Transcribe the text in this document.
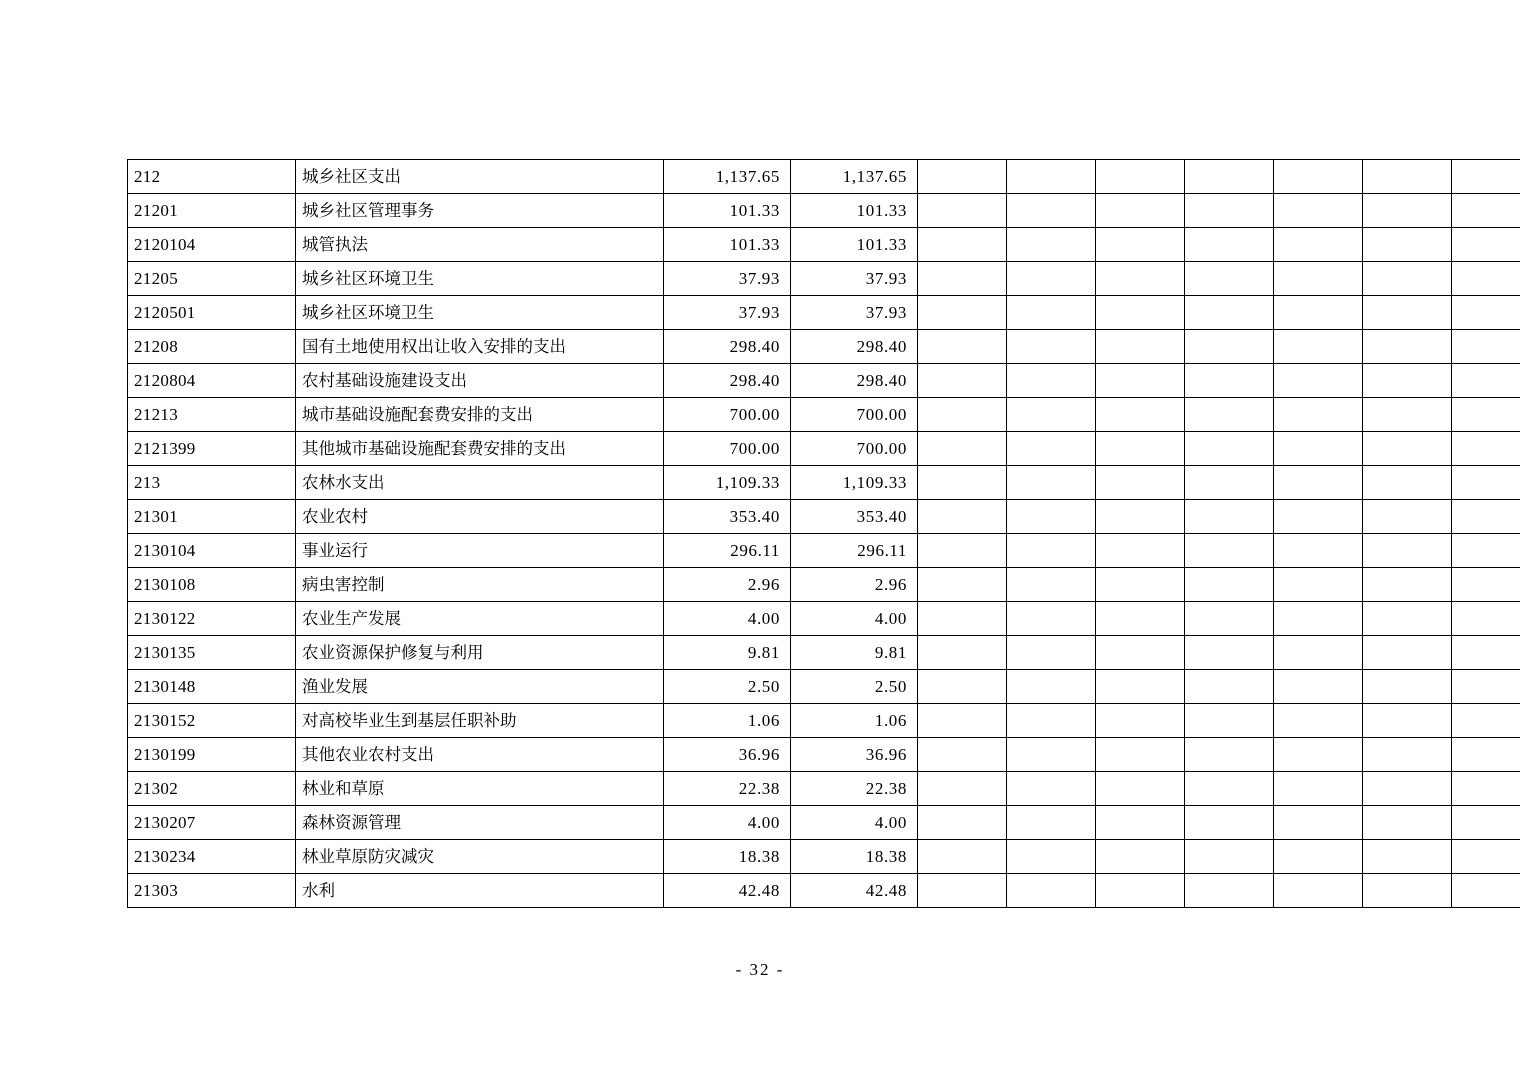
212	城乡社区支出	1,137.65	1,137.65								
21201	城乡社区管理事务	101.33	101.33								
2120104	城管执法	101.33	101.33								
21205	城乡社区环境卫生	37.93	37.93								
2120501	城乡社区环境卫生	37.93	37.93								
21208	国有土地使用权出让收入安排的支出	298.40	298.40								
2120804	农村基础设施建设支出	298.40	298.40								
21213	城市基础设施配套费安排的支出	700.00	700.00								
2121399	其他城市基础设施配套费安排的支出	700.00	700.00								
213	农林水支出	1,109.33	1,109.33								
21301	农业农村	353.40	353.40								
2130104	事业运行	296.11	296.11								
2130108	病虫害控制	2.96	2.96								
2130122	农业生产发展	4.00	4.00								
2130135	农业资源保护修复与利用	9.81	9.81								
2130148	渔业发展	2.50	2.50								
2130152	对高校毕业生到基层任职补助	1.06	1.06								
2130199	其他农业农村支出	36.96	36.96								
21302	林业和草原	22.38	22.38								
2130207	森林资源管理	4.00	4.00								
2130234	林业草原防灾减灾	18.38	18.38								
21303	水利	42.48	42.48								
- 32 -
